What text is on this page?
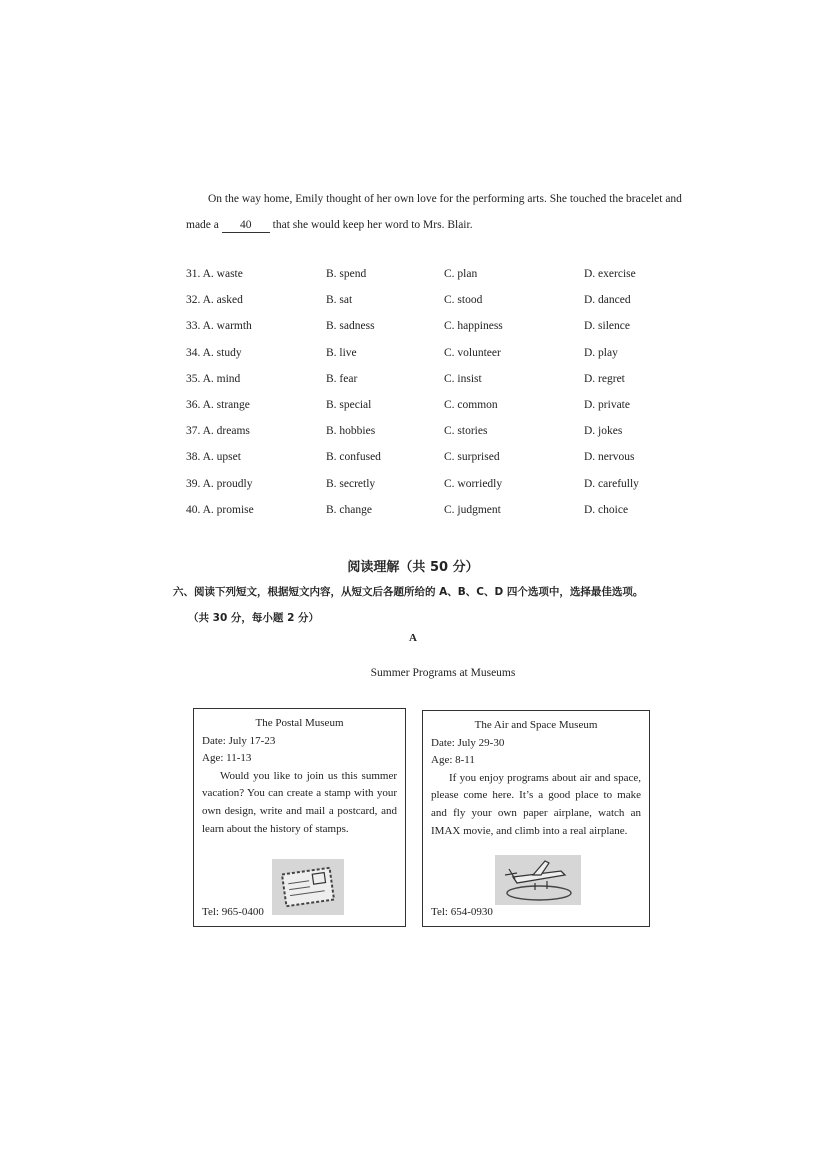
On the way home, Emily thought of her own love for the performing arts. She touched the bracelet and
made a 40 that she would keep her word to Mrs. Blair.
31. A. waste	B. spend	C. plan	D. exercise
32. A. asked	B. sat	C. stood	D. danced
33. A. warmth	B. sadness	C. happiness	D. silence
34. A. study	B. live	C. volunteer	D. play
35. A. mind	B. fear	C. insist	D. regret
36. A. strange	B. special	C. common	D. private
37. A. dreams	B. hobbies	C. stories	D. jokes
38. A. upset	B. confused	C. surprised	D. nervous
39. A. proudly	B. secretly	C. worriedly	D. carefully
40. A. promise	B. change	C. judgment	D. choice
阅读理解（共 50 分）
六、阅读下列短文，根据短文内容，从短文后各题所给的 A、B、C、D 四个选项中，选择最佳选项。
（共 30 分，每小题 2 分）
A
Summer Programs at Museums
The Postal Museum
Date: July 17-23
Age: 11-13
Would you like to join us this summer vacation? You can create a stamp with your own design, write and mail a postcard, and learn about the history of stamps.
Tel: 965-0400
The Air and Space Museum
Date: July 29-30
Age: 8-11
If you enjoy programs about air and space, please come here. It’s a good place to make and fly your own paper airplane, watch an IMAX movie, and climb into a real airplane.
Tel: 654-0930
